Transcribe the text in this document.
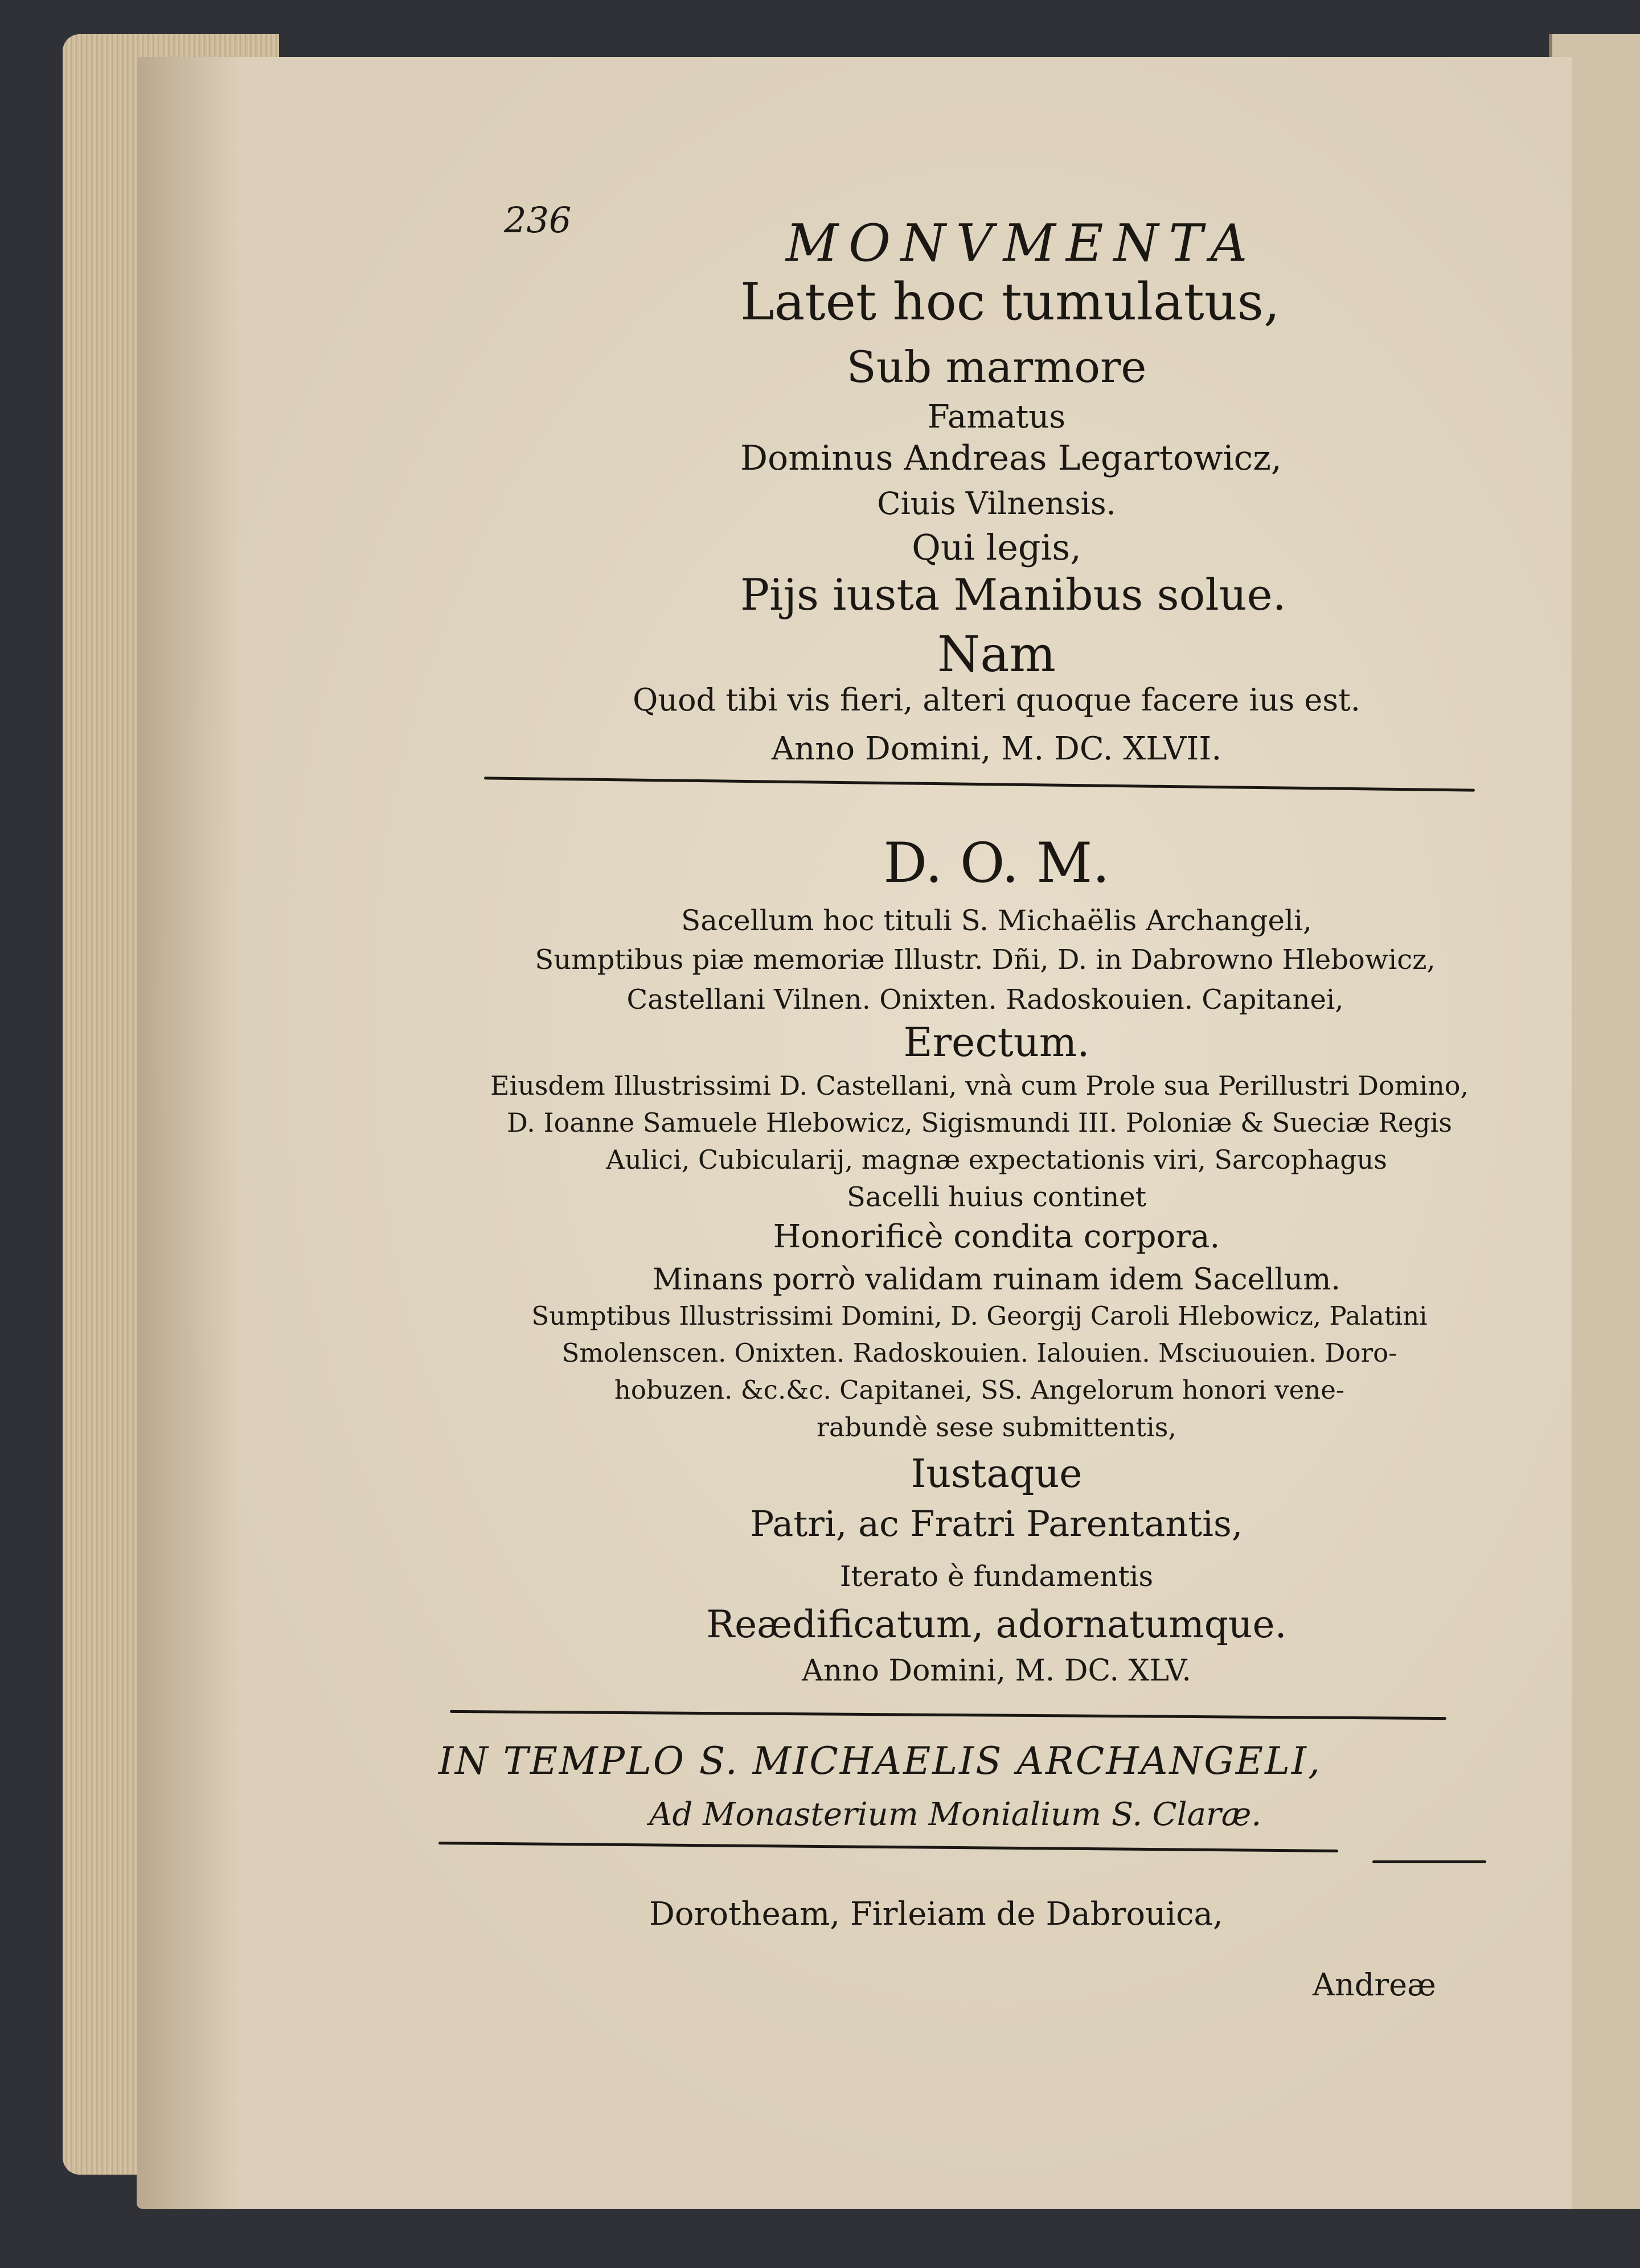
236	MONVMENTA
Latet hoc tumulatus,
Sub marmore
Famatus
Dominus Andreas Legartowicz,
Ciuis Vilnensis.
Qui legis,
Pijs iusta Manibus solue.
Nam
Quod tibi vis fieri, alteri quoque facere ius est.
Anno Domini, M. DC. XLVII.
D. O. M.
Sacellum hoc tituli S. Michaëlis Archangeli,
Sumptibus piæ memoriæ Illustr. Dñi, D. in Dabrowno Hlebowicz,
Castellani Vilnen. Onixten. Radoskouien. Capitanei,
Erectum.
Eiusdem Illustrissimi D. Castellani, vnà cum Prole sua Perillustri Domino,
D. Ioanne Samuele Hlebowicz, Sigismundi III. Poloniæ & Sueciæ Regis
Aulici, Cubicularij, magnæ expectationis viri, Sarcophagus
Sacelli huius continet
Honorificè condita corpora.
Minans porrò validam ruinam idem Sacellum.
Sumptibus Illustrissimi Domini, D. Georgij Caroli Hlebowicz, Palatini
Smolenscen. Onixten. Radoskouien. Ialouien. Msciuouien. Doro-
hobuzen. &c.&c. Capitanei, SS. Angelorum honori vene-
rabundè sese submittentis,
Iustaque
Patri, ac Fratri Parentantis,
Iterato è fundamentis
Reædificatum, adornatumque.
Anno Domini, M. DC. XLV.
IN TEMPLO S. MICHAELIS ARCHANGELI,
Ad Monasterium Monialium S. Claræ.
Dorotheam, Firleiam de Dabrouica,
Andreæ
